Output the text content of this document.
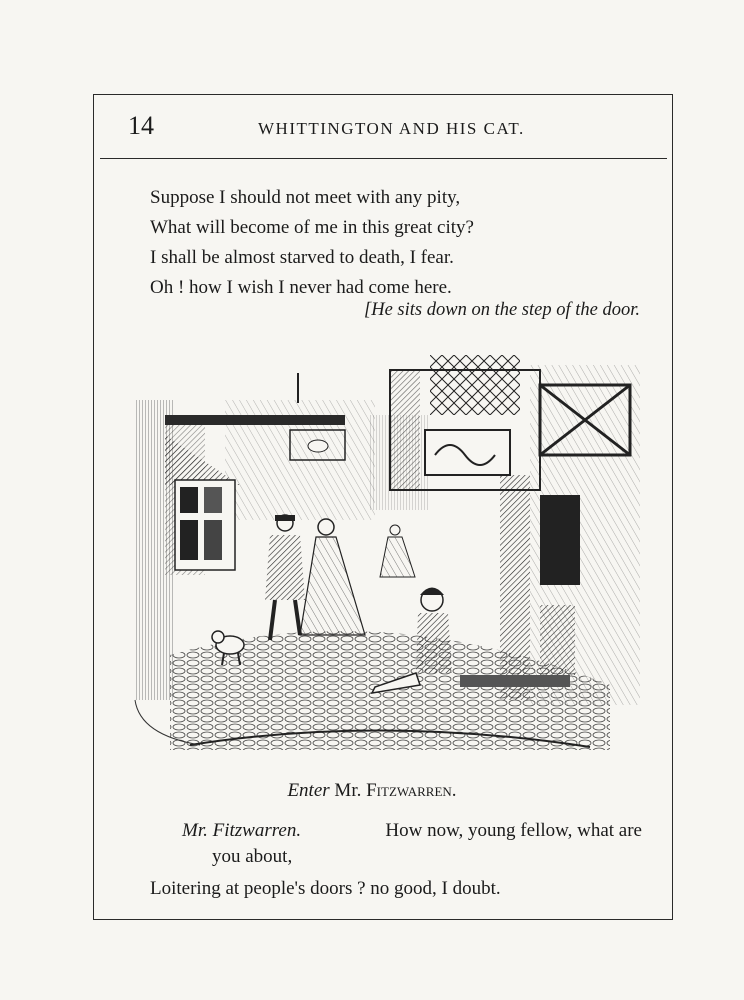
14	WHITTINGTON AND HIS CAT.
Suppose I should not meet with any pity,
What will become of me in this great city?
I shall be almost starved to death, I fear.
Oh ! how I wish I never had come here.
[He sits down on the step of the door.
Enter Mr. Fitzwarren.
Mr. Fitzwarren.	How now, young fellow, what are
you about,
Loitering at people's doors ? no good, I doubt.
